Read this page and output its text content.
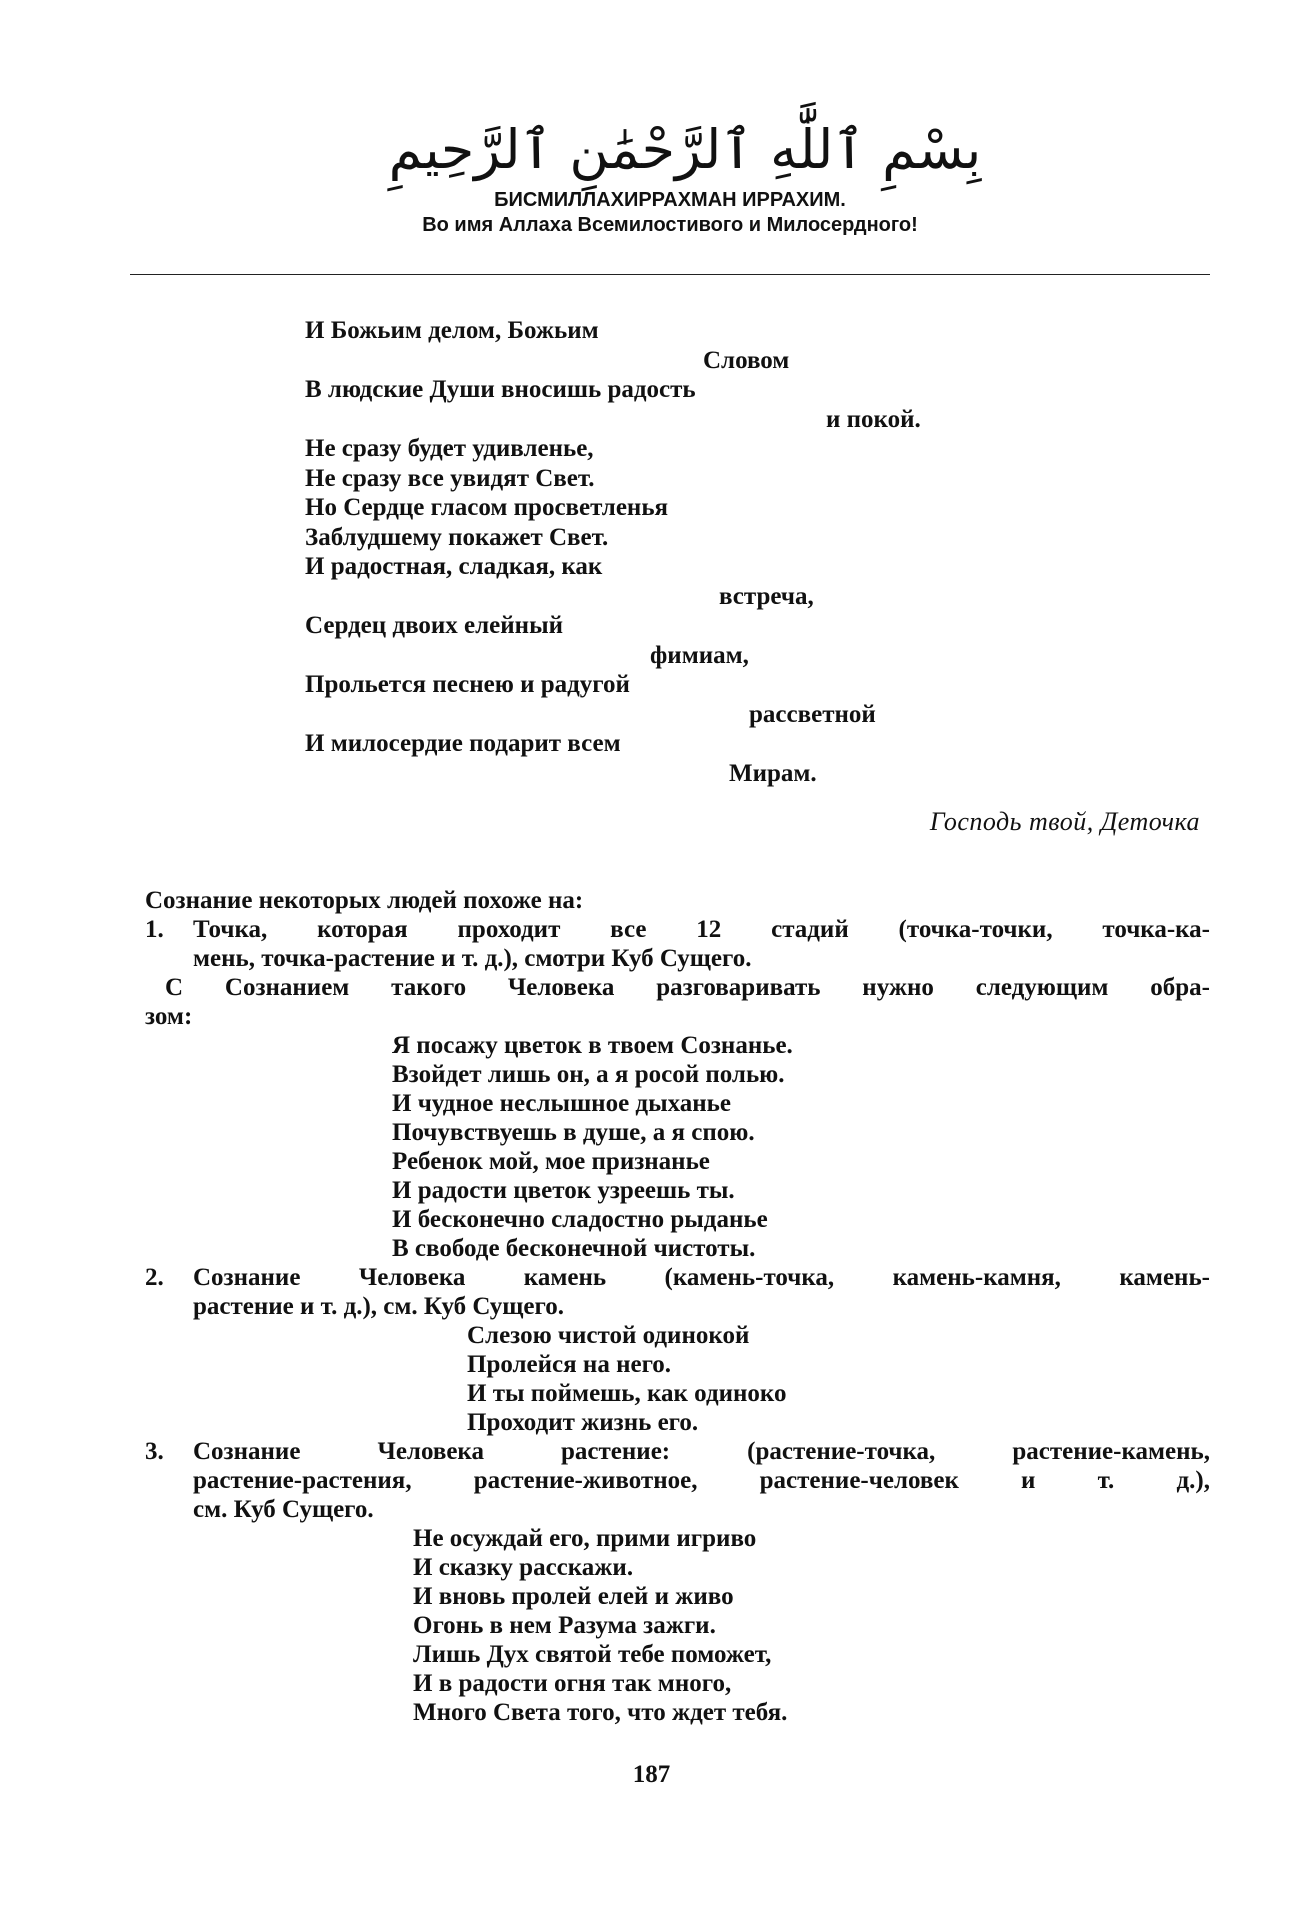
بِسْمِ ٱللَّٰهِ ٱلرَّحْمَٰنِ ٱلرَّحِيمِ
БИСМИЛЛАХИРРАХМАН ИРРАХИМ.
Во имя Аллаха Всемилостивого и Милосердного!
И Божьим делом, Божьим
Словом
В людские Души вносишь радость
и покой.
Не сразу будет удивленье,
Не сразу все увидят Свет.
Но Сердце гласом просветленья
Заблудшему покажет Свет.
И радостная, сладкая, как
встреча,
Сердец двоих елейный
фимиам,
Прольется песнею и радугой
рассветной
И милосердие подарит всем
Мирам.
Господь твой, Деточка
Сознание некоторых людей похоже на:
1. Точка, которая проходит все 12 стадий (точка-точки, точка-ка-
мень, точка-растение и т. д.), смотри Куб Сущего.
С Сознанием такого Человека разговаривать нужно следующим обра-
зом:
Я посажу цветок в твоем Сознанье.
Взойдет лишь он, а я росой полью.
И чудное неслышное дыханье
Почувствуешь в душе, а я спою.
Ребенок мой, мое признанье
И радости цветок узреешь ты.
И бесконечно сладостно рыданье
В свободе бесконечной чистоты.
2. Сознание Человека камень (камень-точка, камень-камня, камень-
растение и т. д.), см. Куб Сущего.
Слезою чистой одинокой
Пролейся на него.
И ты поймешь, как одиноко
Проходит жизнь его.
3. Сознание Человека растение: (растение-точка, растение-камень,
растение-растения, растение-животное, растение-человек и т. д.),
см. Куб Сущего.
Не осуждай его, прими игриво
И сказку расскажи.
И вновь пролей елей и живо
Огонь в нем Разума зажги.
Лишь Дух святой тебе поможет,
И в радости огня так много,
Много Света того, что ждет тебя.
187
